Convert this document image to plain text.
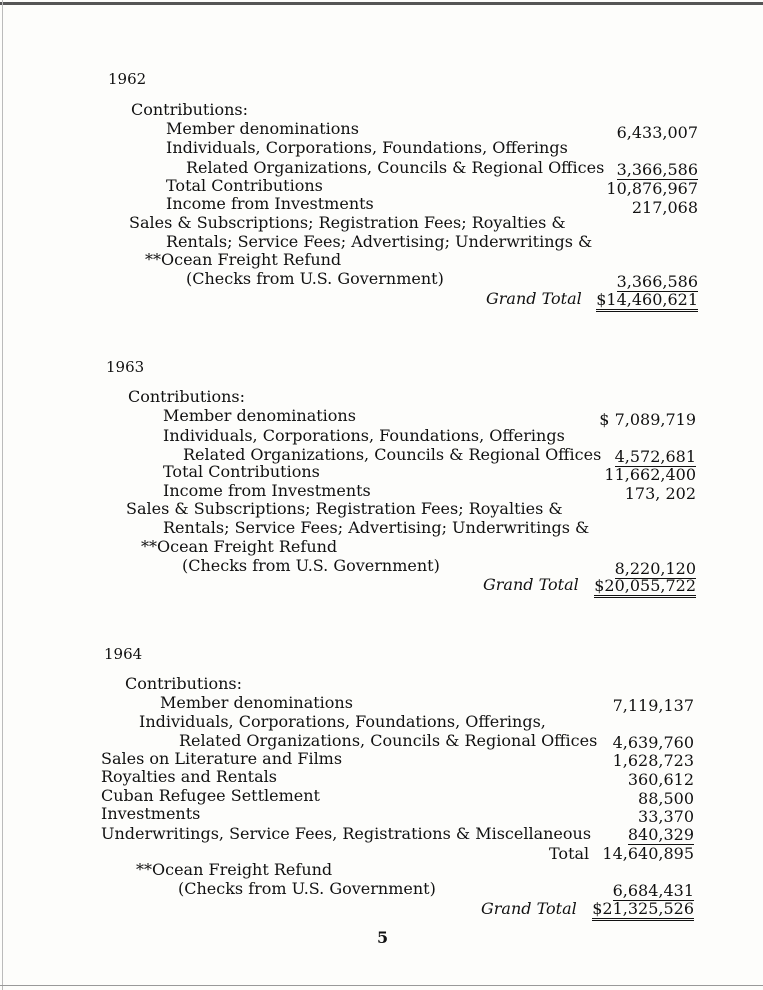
1962
Contributions:
Member denominations	6,433,007
Individuals, Corporations, Foundations, Offerings
Related Organizations, Councils & Regional Offices 3,366,586
Total Contributions	10,876,967
Income from Investments	217,068
Sales & Subscriptions; Registration Fees; Royalties &
Rentals; Service Fees; Advertising; Underwritings &
**Ocean Freight Refund
(Checks from U.S. Government)	3,366,586
Grand Total $14,460,621
1963
Contributions:
Member denominations	$ 7,089,719
Individuals, Corporations, Foundations, Offerings
Related Organizations, Councils & Regional Offices 4,572,681
Total Contributions	11,662,400
Income from Investments	173, 202
Sales & Subscriptions; Registration Fees; Royalties &
Rentals; Service Fees; Advertising; Underwritings &
**Ocean Freight Refund
(Checks from U.S. Government)	8,220,120
Grand Total $20,055,722
1964
Contributions:
Member denominations	7,119,137
Individuals, Corporations, Foundations, Offerings,
Related Organizations, Councils & Regional Offices 4,639,760
Sales on Literature and Films	1,628,723
Royalties and Rentals	360,612
Cuban Refugee Settlement	88,500
Investments	33,370
Underwritings, Service Fees, Registrations & Miscellaneous 840,329
Total 14,640,895
**Ocean Freight Refund
(Checks from U.S. Government)	6,684,431
Grand Total $21,325,526
5
